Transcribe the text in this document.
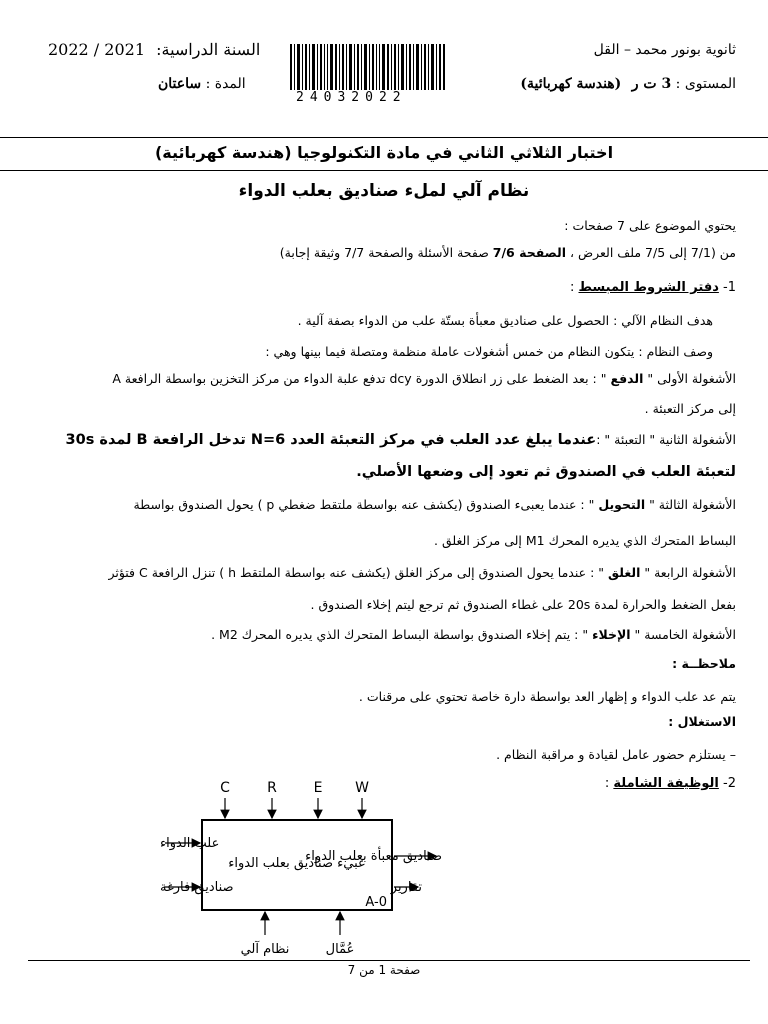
ثانوية بونور محمد – القل
المستوى : 3 ت ر (هندسة كهربائية)
السنة الدراسية: 2021 / 2022
المدة : ساعتان
24032022
اختبار الثلاثي الثاني في مادة التكنولوجيا (هندسة كهربائية)
نظام آلي لملء صناديق بعلب الدواء
يحتوي الموضوع على 7 صفحات :
من (7/1 إلى 7/5 ملف العرض ، الصفحة 7/6 صفحة الأسئلة والصفحة 7/7 وثيقة إجابة)
1- دفتر الشروط المبسط :
هدف النظام الآلي : الحصول على صناديق معبأة بستّة علب من الدواء بصفة آلية .
وصف النظام : يتكون النظام من خمس أشغولات عاملة منظمة ومتصلة فيما بينها وهي :
الأشغولة الأولى " الدفع " : بعد الضغط على زر انطلاق الدورة dcy تدفع علبة الدواء من مركز التخزين بواسطة الرافعة A
إلى مركز التعبئة .
الأشغولة الثانية " التعبئة " :عندما يبلغ عدد العلب في مركز التعبئة العدد N=6 تدخل الرافعة B لمدة 30s
لتعبئة العلب في الصندوق ثم تعود إلى وضعها الأصلي.
الأشغولة الثالثة " التحويل " : عندما يعبىء الصندوق (يكشف عنه بواسطة ملتقط ضغطي p ) يحول الصندوق بواسطة
البساط المتحرك الذي يديره المحرك M1 إلى مركز الغلق .
الأشغولة الرابعة " الغلق " : عندما يحول الصندوق إلى مركز الغلق (يكشف عنه بواسطة الملتقط h ) تنزل الرافعة C فتؤثر
بفعل الضغط والحرارة لمدة 20s على غطاء الصندوق ثم ترجع ليتم إخلاء الصندوق .
الأشغولة الخامسة " الإخلاء " : يتم إخلاء الصندوق بواسطة البساط المتحرك الذي يديره المحرك M2 .
ملاحظــة :
يتم عد علب الدواء و إظهار العد بواسطة دارة خاصة تحتوي على مرقنات .
الاستغلال :
– يستلزم حضور عامل لقيادة و مراقبة النظام .
2- الوظيفة الشاملة :
عبيء صناديق بعلب الدواء
A-0
C	R	E W
علب الدواء
صناديق فارغة
صناديق معبأة بعلب الدواء
تقارير
نظام آلي	عُمَّال
صفحة 1 من 7
